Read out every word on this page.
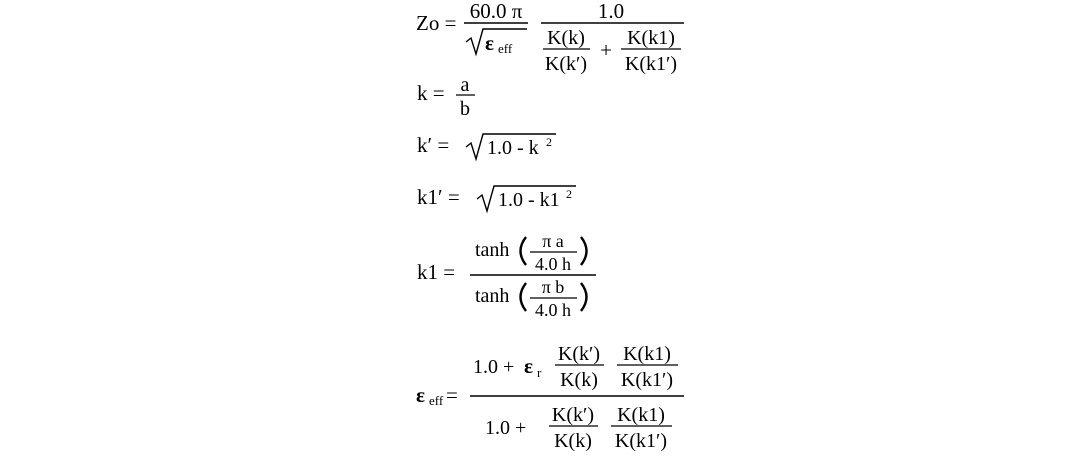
Zo = 60.0 π
ε eff
1.0
K(k)
K(k′)
+ K(k1)
K(k1′)
k = a
b
k′ = 1.0 - k 2
k1′ = 1.0 - k1 2
k1 =
tanh π a
4.0 h
tanh π b
4.0 h
ε eff =
1.0 + ε r
K(k′)
K(k)
K(k1)
K(k1′)
1.0 +
K(k′)
K(k)
K(k1)
K(k1′)
